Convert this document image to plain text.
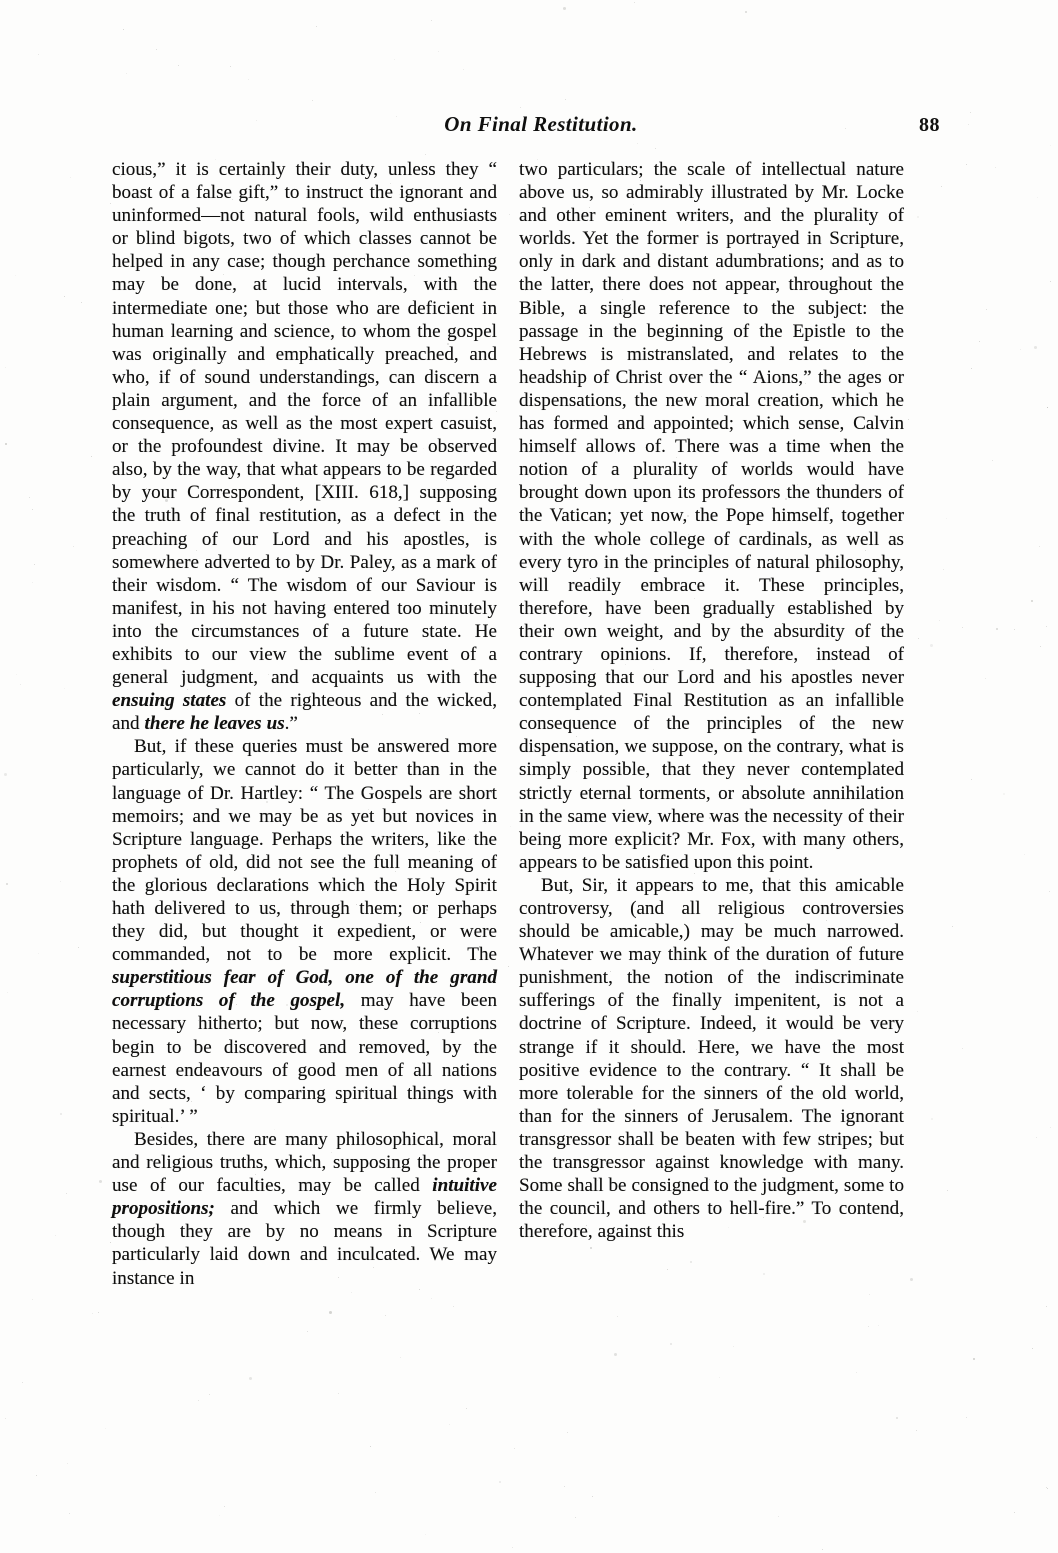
On Final Restitution.	88

cious,” it is certainly their duty, unless they “ boast of a false gift,” to instruct the ignorant and uninformed—not natural fools, wild enthusiasts or blind bigots, two of which classes cannot be helped in any case; though perchance something may be done, at lucid intervals, with the intermediate one; but those who are deficient in human learning and science, to whom the gospel was originally and emphatically preached, and who, if of sound understandings, can discern a plain argument, and the force of an infallible consequence, as well as the most expert casuist, or the profoundest divine. It may be observed also, by the way, that what appears to be regarded by your Correspondent, [XIII. 618,] supposing the truth of final restitution, as a defect in the preaching of our Lord and his apostles, is somewhere adverted to by Dr. Paley, as a mark of their wisdom. “ The wisdom of our Saviour is manifest, in his not having entered too minutely into the circumstances of a future state. He exhibits to our view the sublime event of a general judgment, and acquaints us with the ensuing states of the righteous and the wicked, and there he leaves us.”

But, if these queries must be answered more particularly, we cannot do it better than in the language of Dr. Hartley: “ The Gospels are short memoirs; and we may be as yet but novices in Scripture language. Perhaps the writers, like the prophets of old, did not see the full meaning of the glorious declarations which the Holy Spirit hath delivered to us, through them; or perhaps they did, but thought it expedient, or were commanded, not to be more explicit. The superstitious fear of God, one of the grand corruptions of the gospel, may have been necessary hitherto; but now, these corruptions begin to be discovered and removed, by the earnest endeavours of good men of all nations and sects, ‘ by comparing spiritual things with spiritual.’ ”

Besides, there are many philosophical, moral and religious truths, which, supposing the proper use of our faculties, may be called intuitive propositions; and which we firmly believe, though they are by no means in Scripture particularly laid down and inculcated. We may instance in

two particulars; the scale of intellectual nature above us, so admirably illustrated by Mr. Locke and other eminent writers, and the plurality of worlds. Yet the former is portrayed in Scripture, only in dark and distant adumbrations; and as to the latter, there does not appear, throughout the Bible, a single reference to the subject: the passage in the beginning of the Epistle to the Hebrews is mistranslated, and relates to the headship of Christ over the “ Aions,” the ages or dispensations, the new moral creation, which he has formed and appointed; which sense, Calvin himself allows of. There was a time when the notion of a plurality of worlds would have brought down upon its professors the thunders of the Vatican; yet now, the Pope himself, together with the whole college of cardinals, as well as every tyro in the principles of natural philosophy, will readily embrace it. These principles, therefore, have been gradually established by their own weight, and by the absurdity of the contrary opinions. If, therefore, instead of supposing that our Lord and his apostles never contemplated Final Restitution as an infallible consequence of the principles of the new dispensation, we suppose, on the contrary, what is simply possible, that they never contemplated strictly eternal torments, or absolute annihilation in the same view, where was the necessity of their being more explicit? Mr. Fox, with many others, appears to be satisfied upon this point.

But, Sir, it appears to me, that this amicable controversy, (and all religious controversies should be amicable,) may be much narrowed. Whatever we may think of the duration of future punishment, the notion of the indiscriminate sufferings of the finally impenitent, is not a doctrine of Scripture. Indeed, it would be very strange if it should. Here, we have the most positive evidence to the contrary. “ It shall be more tolerable for the sinners of the old world, than for the sinners of Jerusalem. The ignorant transgressor shall be beaten with few stripes; but the transgressor against knowledge with many. Some shall be consigned to the judgment, some to the council, and others to hell-fire.” To contend, therefore, against this
